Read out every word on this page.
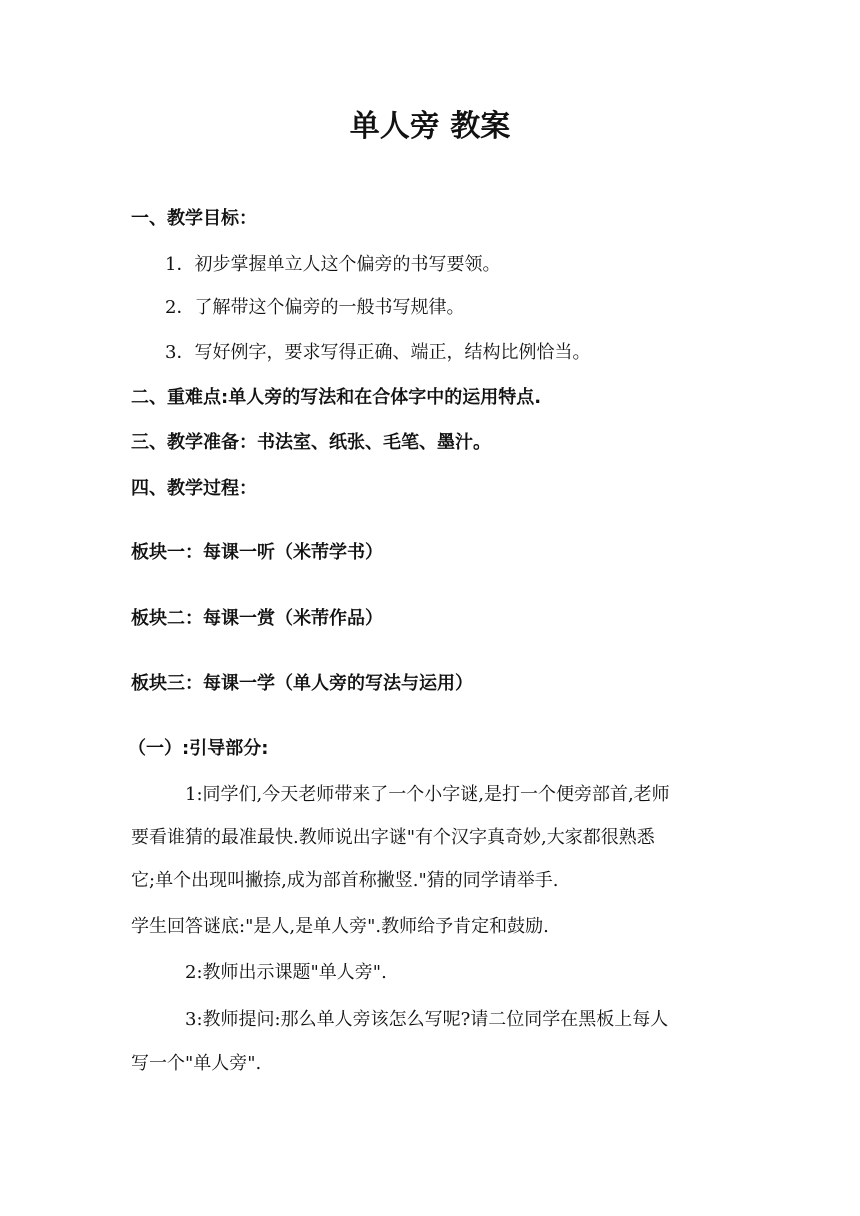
单人旁 教案
一、教学目标：
1．初步掌握单立人这个偏旁的书写要领。
2．了解带这个偏旁的一般书写规律。
3．写好例字，要求写得正确、端正，结构比例恰当。
二、重难点:单人旁的写法和在合体字中的运用特点.
三、教学准备：书法室、纸张、毛笔、墨汁。
四、教学过程：
板块一：每课一听（米芾学书）
板块二：每课一赏（米芾作品）
板块三：每课一学（单人旁的写法与运用）
（一）:引导部分:
1:同学们,今天老师带来了一个小字谜,是打一个便旁部首,老师
要看谁猜的最准最快.教师说出字谜"有个汉字真奇妙,大家都很熟悉
它;单个出现叫撇捺,成为部首称撇竖."猜的同学请举手.
学生回答谜底:"是人,是单人旁".教师给予肯定和鼓励.
2:教师出示课题"单人旁".
3:教师提问:那么单人旁该怎么写呢?请二位同学在黑板上每人
写一个"单人旁".
